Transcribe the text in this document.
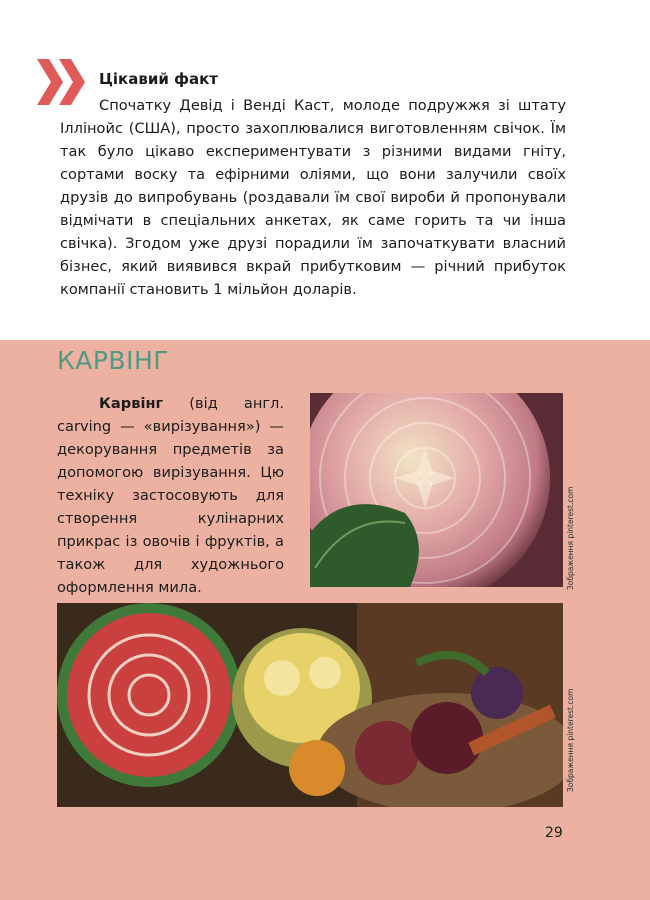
Цікавий факт

Спочатку Девід і Венді Каст, молоде подружжя зі штату Іллінойс (США), просто захоплювалися виготовленням свічок. Їм так було цікаво експериментувати з різними видами гніту, сортами воску та ефірними оліями, що вони залучили своїх друзів до випробувань (роздавали їм свої вироби й пропонували відмічати в спеціальних анкетах, як саме горить та чи інша свічка). Згодом уже друзі порадили їм започаткувати власний бізнес, який виявився вкрай прибутковим — річний прибуток компанії становить 1 мільйон доларів.

КАРВІНГ

Карвінг (від англ. carving — «вирізування») — декорування предметів за допомогою вирізування. Цю техніку застосовують для створення кулінарних прикрас із овочів і фруктів, а також для художнього оформлення мила.	Зображення pinterest.com
Зображення pinterest.com

29
